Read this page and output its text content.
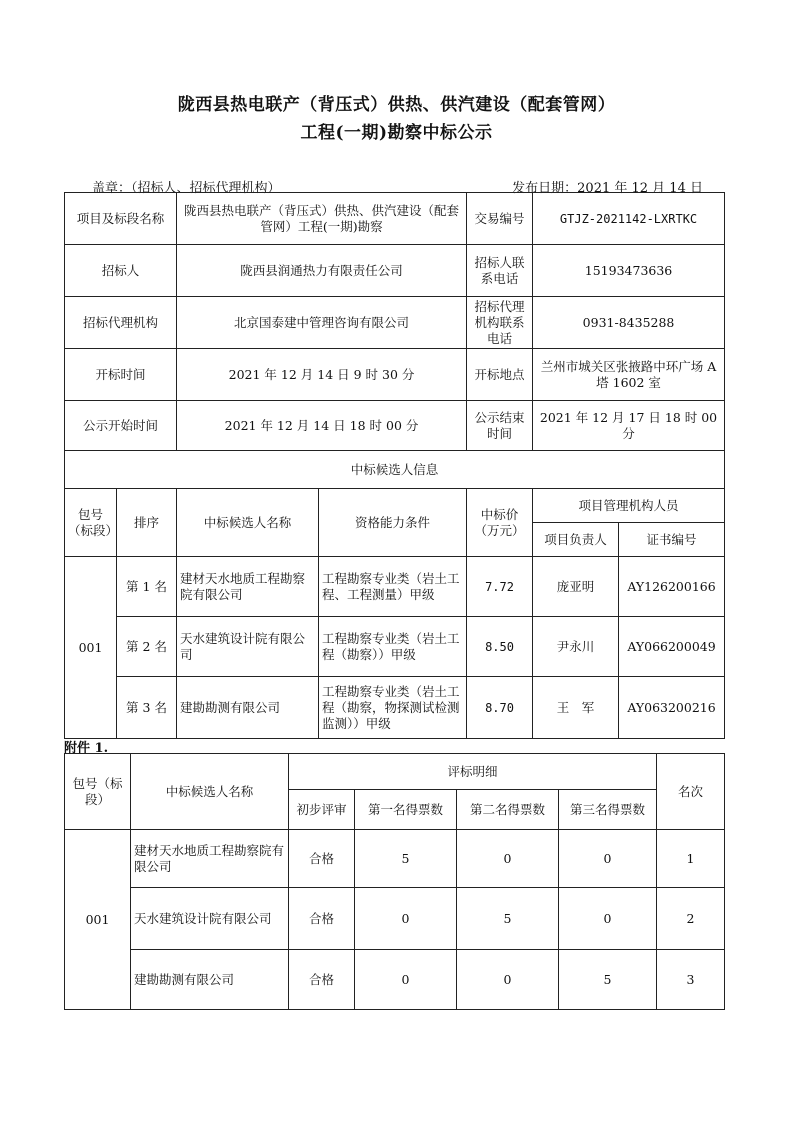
陇西县热电联产（背压式）供热、供汽建设（配套管网）
工程(一期)勘察中标公示
盖章：（招标人、招标代理机构）	发布日期：2021 年 12 月 14 日
项目及标段名称		陇西县热电联产（背压式）供热、供汽建设（配套管网）工程(一期)勘察		交易编号	GTJZ-2021142-LXRTKC	
招标人		陇西县润通热力有限责任公司		招标人联系电话	15193473636	
招标代理机构		北京国泰建中管理咨询有限公司		招标代理机构联系电话	0931-8435288	
开标时间		2021 年 12 月 14 日 9 时 30 分		开标地点	兰州市城关区张掖路中环广场 A 塔 1602 室	
公示开始时间		2021 年 12 月 14 日 18 时 00 分		公示结束时间	2021 年 12 月 17 日 18 时 00 分	
中标候选人信息						
包号（标段）	排序	中标候选人名称	资格能力条件	中标价（万元）	项目管理机构人员	
					项目负责人	证书编号
001	第 1 名	建材天水地质工程勘察院有限公司	工程勘察专业类（岩土工程、工程测量）甲级	7.72	庞亚明	AY126200166
	第 2 名	天水建筑设计院有限公司	工程勘察专业类（岩土工程（勘察））甲级	8.50	尹永川	AY066200049
	第 3 名	建勘勘测有限公司	工程勘察专业类（岩土工程（勘察，物探测试检测监测））甲级	8.70	王　军	AY063200216
附件 1.
包号（标段）	中标候选人名称	评标明细				名次
		初步评审	第一名得票数	第二名得票数	第三名得票数	
001	建材天水地质工程勘察院有限公司	合格	5	0	0	1
	天水建筑设计院有限公司	合格	0	5	0	2
	建勘勘测有限公司	合格	0	0	5	3
